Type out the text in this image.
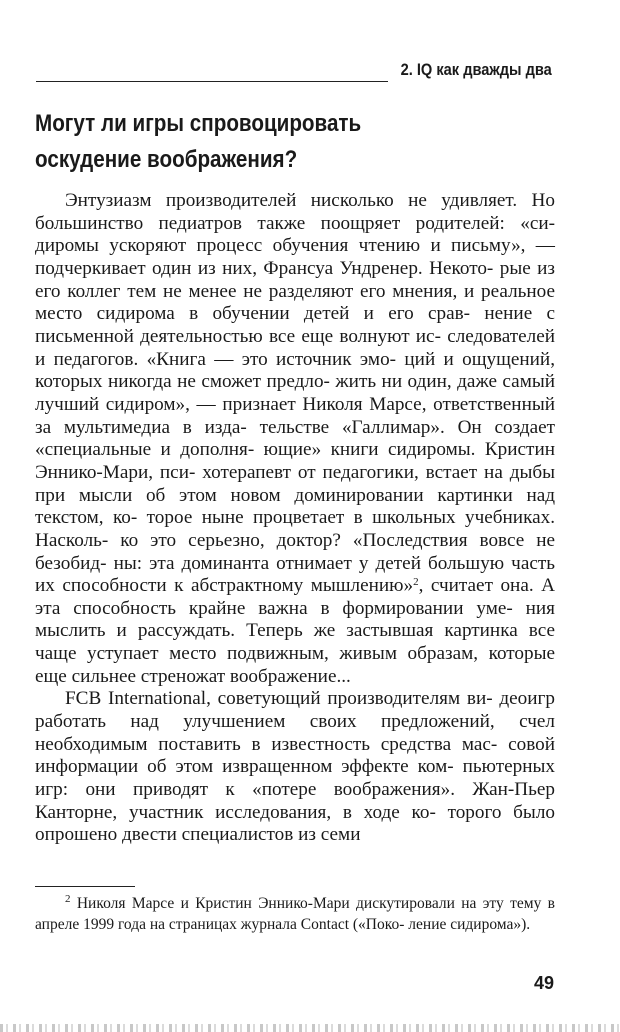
2. IQ как дважды два
Могут ли игры спровоцировать
оскудение воображения?

Энтузиазм производителей нисколько не удивляет. Но большинство педиатров также поощряет родителей: «си- диромы ускоряют процесс обучения чтению и письму», — подчеркивает один из них, Франсуа Ундренер. Некото- рые из его коллег тем не менее не разделяют его мнения, и реальное место сидирома в обучении детей и его срав- нение с письменной деятельностью все еще волнуют ис- следователей и педагогов. «Книга — это источник эмо- ций и ощущений, которых никогда не сможет предло- жить ни один, даже самый лучший сидиром», — признает Николя Марсе, ответственный за мультимедиа в изда- тельстве «Галлимар». Он создает «специальные и дополня- ющие» книги сидиромы. Кристин Эннико-Мари, пси- хотерапевт от педагогики, встает на дыбы при мысли об этом новом доминировании картинки над текстом, ко- торое ныне процветает в школьных учебниках. Насколь- ко это серьезно, доктор? «Последствия вовсе не безобид- ны: эта доминанта отнимает у детей большую часть их способности к абстрактному мышлению»$^2$, считает она. А эта способность крайне важна в формировании уме- ния мыслить и рассуждать. Теперь же застывшая картинка все чаще уступает место подвижным, живым образам, которые еще сильнее стреножат воображение...

FCB International, советующий производителям ви- деоигр работать над улучшением своих предложений, счел необходимым поставить в известность средства мас- совой информации об этом извращенном эффекте ком- пьютерных игр: они приводят к «потере воображения». Жан-Пьер Канторне, участник исследования, в ходе ко- торого было опрошено двести специалистов из семи

$^2$ Николя Марсе и Кристин Эннико-Мари дискутировали на эту тему в апреле 1999 года на страницах журнала Contact («Поко- ление сидирома»).

49
